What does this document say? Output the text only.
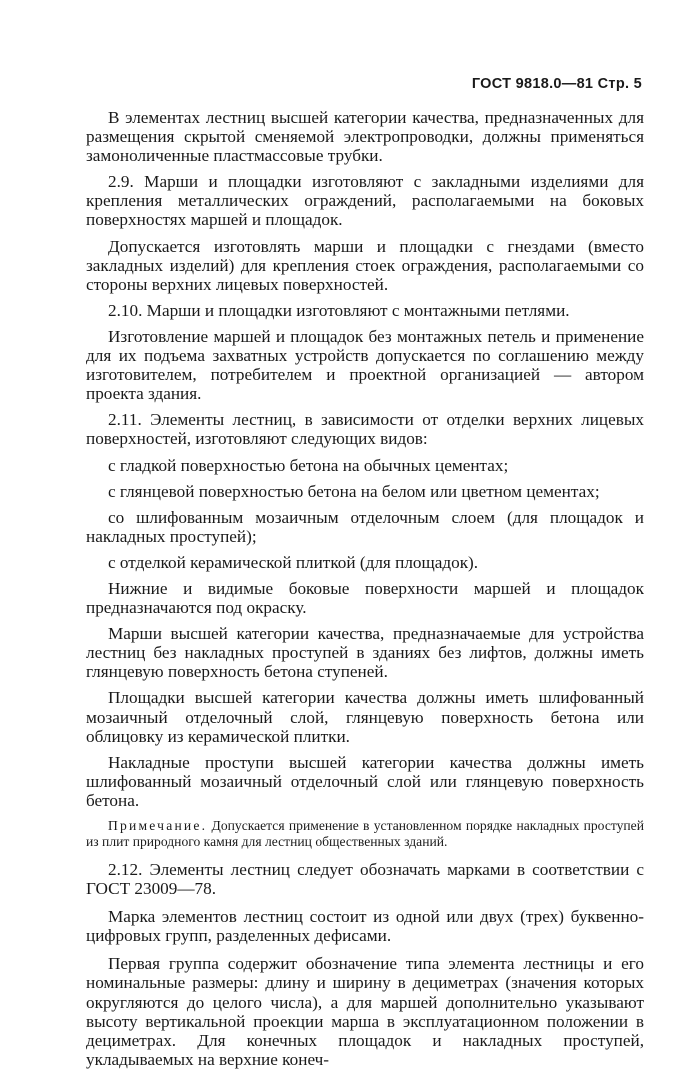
ГОСТ 9818.0—81 Стр. 5

В элементах лестниц высшей категории качества, предназначенных для размещения скрытой сменяемой электропроводки, должны применяться замоноличенные пластмассовые трубки.

2.9. Марши и площадки изготовляют с закладными изделиями для крепления металлических ограждений, располагаемыми на боковых поверхностях маршей и площадок.

Допускается изготовлять марши и площадки с гнездами (вместо закладных изделий) для крепления стоек ограждения, располагаемыми со стороны верхних лицевых поверхностей.

2.10. Марши и площадки изготовляют с монтажными петлями.

Изготовление маршей и площадок без монтажных петель и применение для их подъема захватных устройств допускается по соглашению между изготовителем, потребителем и проектной организацией — автором проекта здания.

2.11. Элементы лестниц, в зависимости от отделки верхних лицевых поверхностей, изготовляют следующих видов:

с гладкой поверхностью бетона на обычных цементах;

с глянцевой поверхностью бетона на белом или цветном цементах;

со шлифованным мозаичным отделочным слоем (для площадок и накладных проступей);

с отделкой керамической плиткой (для площадок).

Нижние и видимые боковые поверхности маршей и площадок предназначаются под окраску.

Марши высшей категории качества, предназначаемые для устройства лестниц без накладных проступей в зданиях без лифтов, должны иметь глянцевую поверхность бетона ступеней.

Площадки высшей категории качества должны иметь шлифованный мозаичный отделочный слой, глянцевую поверхность бетона или облицовку из керамической плитки.

Накладные проступи высшей категории качества должны иметь шлифованный мозаичный отделочный слой или глянцевую поверхность бетона.

Примечание. Допускается применение в установленном порядке накладных проступей из плит природного камня для лестниц общественных зданий.

2.12. Элементы лестниц следует обозначать марками в соответствии с ГОСТ 23009—78.

Марка элементов лестниц состоит из одной или двух (трех) буквенно-цифровых групп, разделенных дефисами.

Первая группа содержит обозначение типа элемента лестницы и его номинальные размеры: длину и ширину в дециметрах (значения которых округляются до целого числа), а для маршей дополнительно указывают высоту вертикальной проекции марша в эксплуатационном положении в дециметрах. Для конечных площадок и накладных проступей, укладываемых на верхние конеч-
